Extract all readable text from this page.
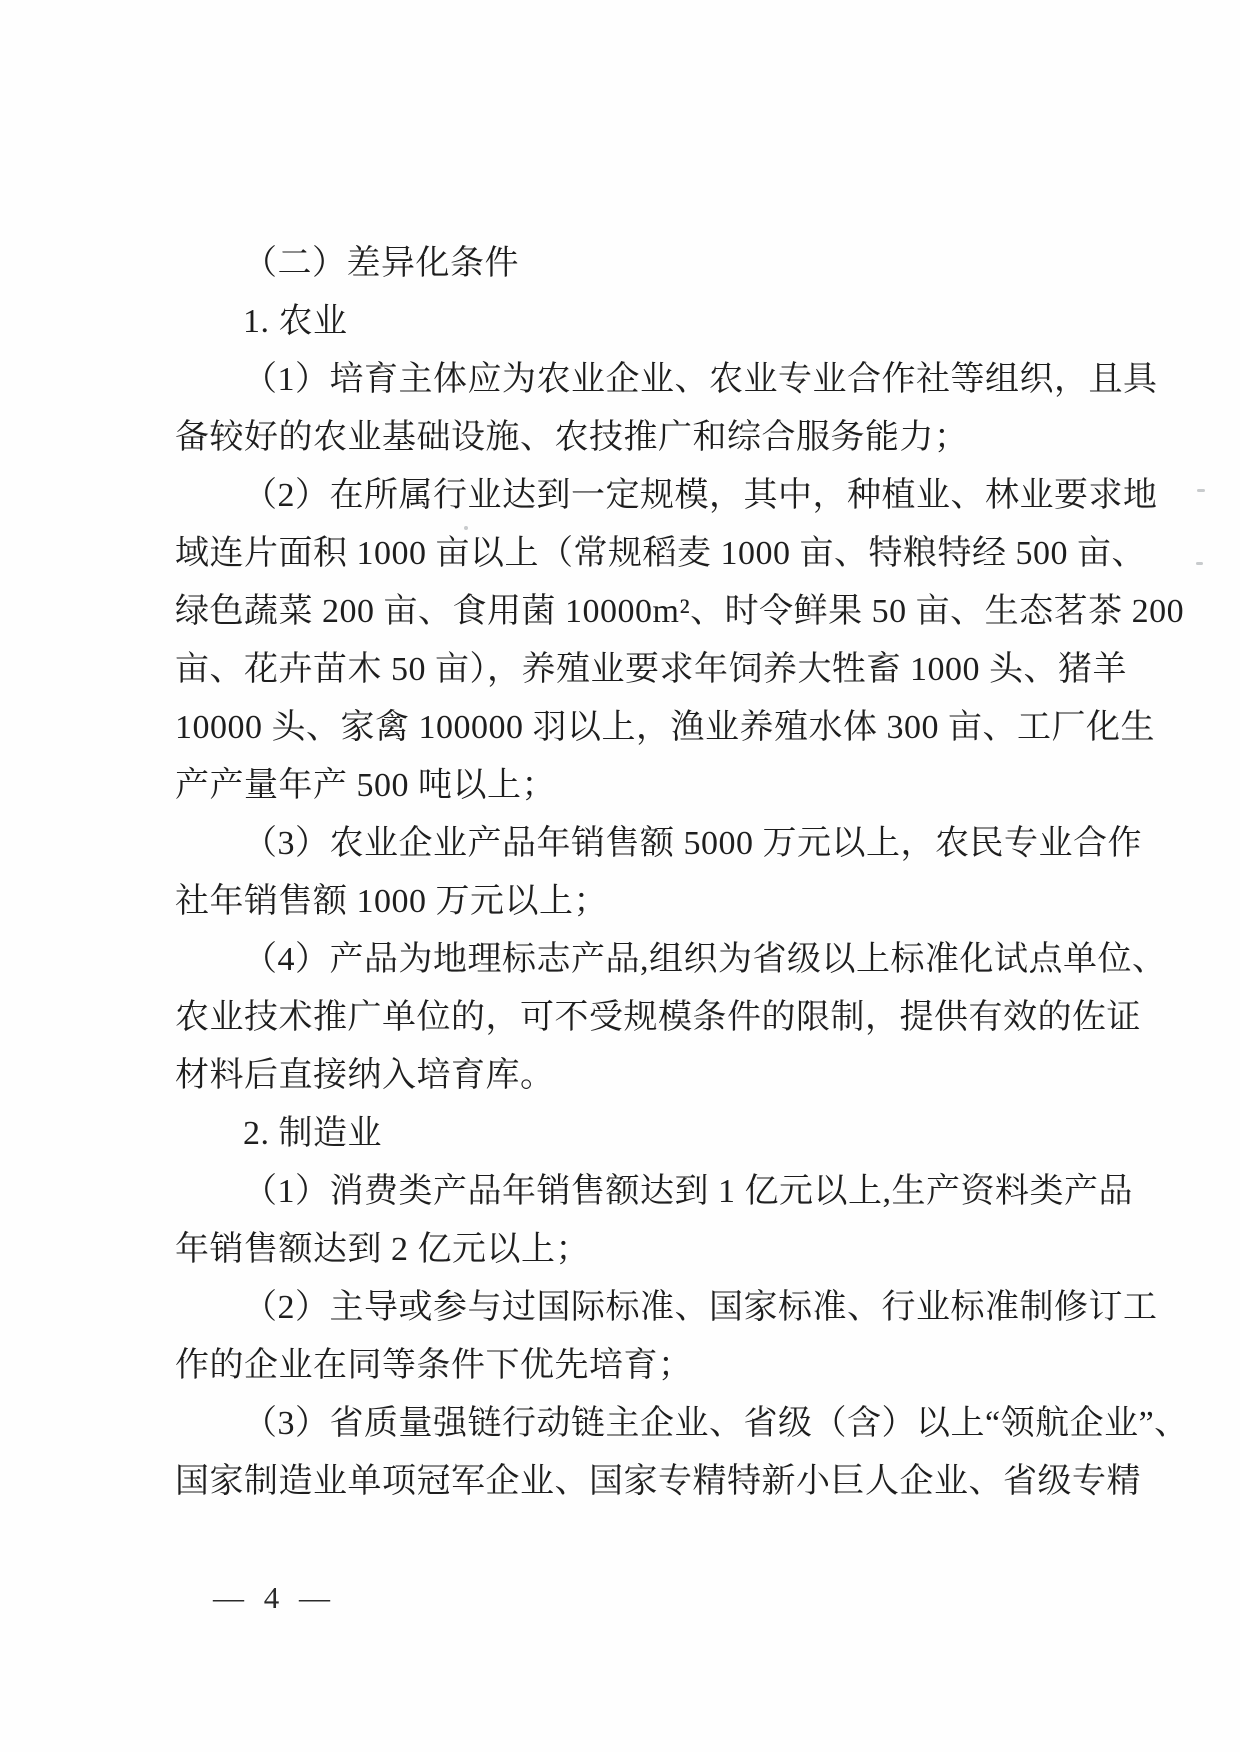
（二）差异化条件
1. 农业
（1）培育主体应为农业企业、农业专业合作社等组织，且具
备较好的农业基础设施、农技推广和综合服务能力；
（2）在所属行业达到一定规模，其中，种植业、林业要求地
域连片面积 1000 亩以上（常规稻麦 1000 亩、特粮特经 500 亩、
绿色蔬菜 200 亩、食用菌 10000m²、时令鲜果 50 亩、生态茗茶 200
亩、花卉苗木 50 亩），养殖业要求年饲养大牲畜 1000 头、猪羊
10000 头、家禽 100000 羽以上，渔业养殖水体 300 亩、工厂化生
产产量年产 500 吨以上；
（3）农业企业产品年销售额 5000 万元以上，农民专业合作
社年销售额 1000 万元以上；
（4）产品为地理标志产品,组织为省级以上标准化试点单位、
农业技术推广单位的，可不受规模条件的限制，提供有效的佐证
材料后直接纳入培育库。
2. 制造业
（1）消费类产品年销售额达到 1 亿元以上,生产资料类产品
年销售额达到 2 亿元以上；
（2）主导或参与过国际标准、国家标准、行业标准制修订工
作的企业在同等条件下优先培育；
（3）省质量强链行动链主企业、省级（含）以上“领航企业”、
国家制造业单项冠军企业、国家专精特新小巨人企业、省级专精
— 4 —
